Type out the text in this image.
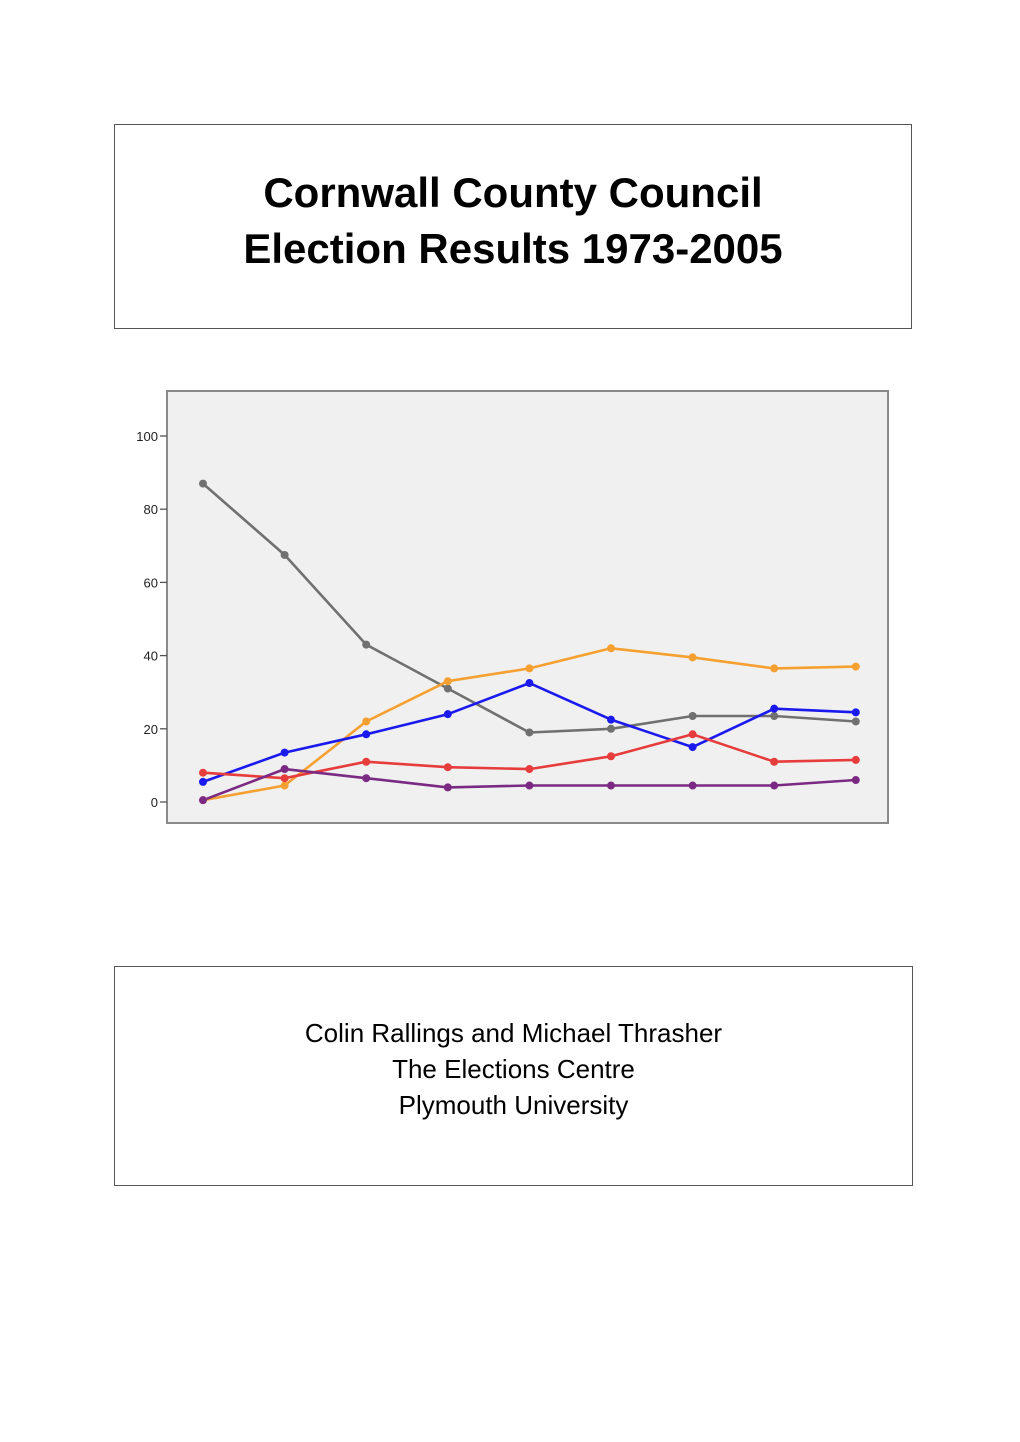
Cornwall County Council
Election Results 1973-2005
0
20
40
60
80
100
Colin Rallings and Michael Thrasher
The Elections Centre
Plymouth University
